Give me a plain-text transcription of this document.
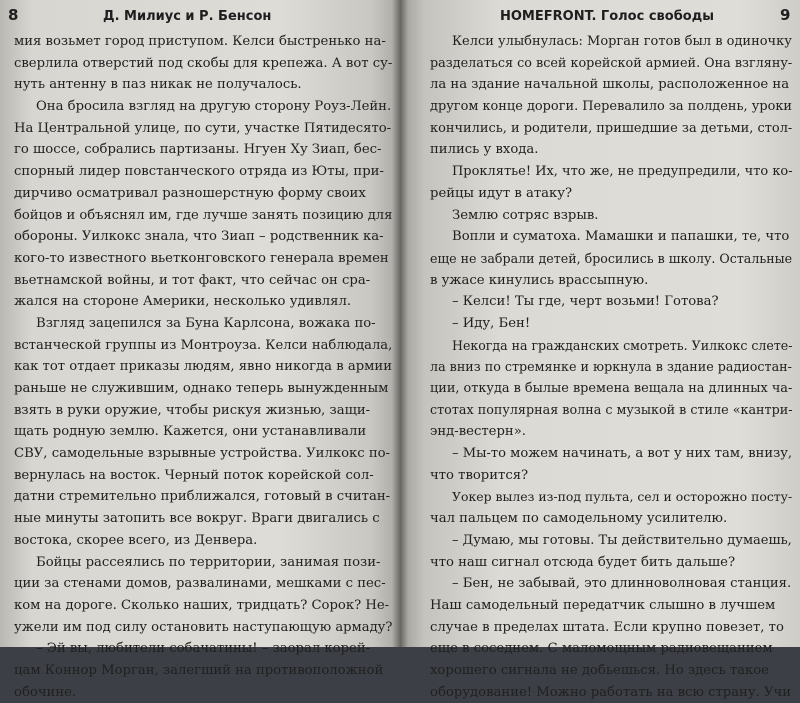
8	Д. Милиус и Р. Бенсон
мия возьмет город приступом. Келси быстренько на-
сверлила отверстий под скобы для крепежа. А вот су-
нуть антенну в паз никак не получалось.
Она бросила взгляд на другую сторону Роуз-Лейн.
На Центральной улице, по сути, участке Пятидесято-
го шоссе, собрались партизаны. Нгуен Ху Зиап, бес-
спорный лидер повстанческого отряда из Юты, при-
дирчиво осматривал разношерстную форму своих
бойцов и объяснял им, где лучше занять позицию для
обороны. Уилкокс знала, что Зиап – родственник ка-
кого-то известного вьетконговского генерала времен
вьетнамской войны, и тот факт, что сейчас он сра-
жался на стороне Америки, несколько удивлял.
Взгляд зацепился за Буна Карлсона, вожака по-
встанческой группы из Монтроуза. Келси наблюдала,
как тот отдает приказы людям, явно никогда в армии
раньше не служившим, однако теперь вынужденным
взять в руки оружие, чтобы рискуя жизнью, защи-
щать родную землю. Кажется, они устанавливали
СВУ, самодельные взрывные устройства. Уилкокс по-
вернулась на восток. Черный поток корейской сол-
датни стремительно приближался, готовый в считан-
ные минуты затопить все вокруг. Враги двигались с
востока, скорее всего, из Денвера.
Бойцы рассеялись по территории, занимая пози-
ции за стенами домов, развалинами, мешками с пес-
ком на дороге. Сколько наших, тридцать? Сорок? Не-
ужели им под силу остановить наступающую армаду?
– Эй вы, любители собачатины! – заорал корей-
цам Коннор Морган, залегший на противоположной
обочине.
HOMEFRONT. Голос свободы	9
Келси улыбнулась: Морган готов был в одиночку
разделаться со всей корейской армией. Она взгляну-
ла на здание начальной школы, расположенное на
другом конце дороги. Перевалило за полдень, уроки
кончились, и родители, пришедшие за детьми, стол-
пились у входа.
Проклятье! Их, что же, не предупредили, что ко-
рейцы идут в атаку?
Землю сотряс взрыв.
Вопли и суматоха. Мамашки и папашки, те, что
еще не забрали детей, бросились в школу. Остальные
в ужасе кинулись врассыпную.
– Келси! Ты где, черт возьми! Готова?
– Иду, Бен!
Некогда на гражданских смотреть. Уилкокс слете-
ла вниз по стремянке и юркнула в здание радиостан-
ции, откуда в былые времена вещала на длинных ча-
стотах популярная волна с музыкой в стиле «кантри-
энд-вестерн».
– Мы-то можем начинать, а вот у них там, внизу,
что творится?
Уокер вылез из-под пульта, сел и осторожно посту-
чал пальцем по самодельному усилителю.
– Думаю, мы готовы. Ты действительно думаешь,
что наш сигнал отсюда будет бить дальше?
– Бен, не забывай, это длинноволновая станция.
Наш самодельный передатчик слышно в лучшем
случае в пределах штата. Если крупно повезет, то
еще в соседнем. С маломощным радиовещанием
хорошего сигнала не добьешься. Но здесь такое
оборудование! Можно работать на всю страну. Учи
